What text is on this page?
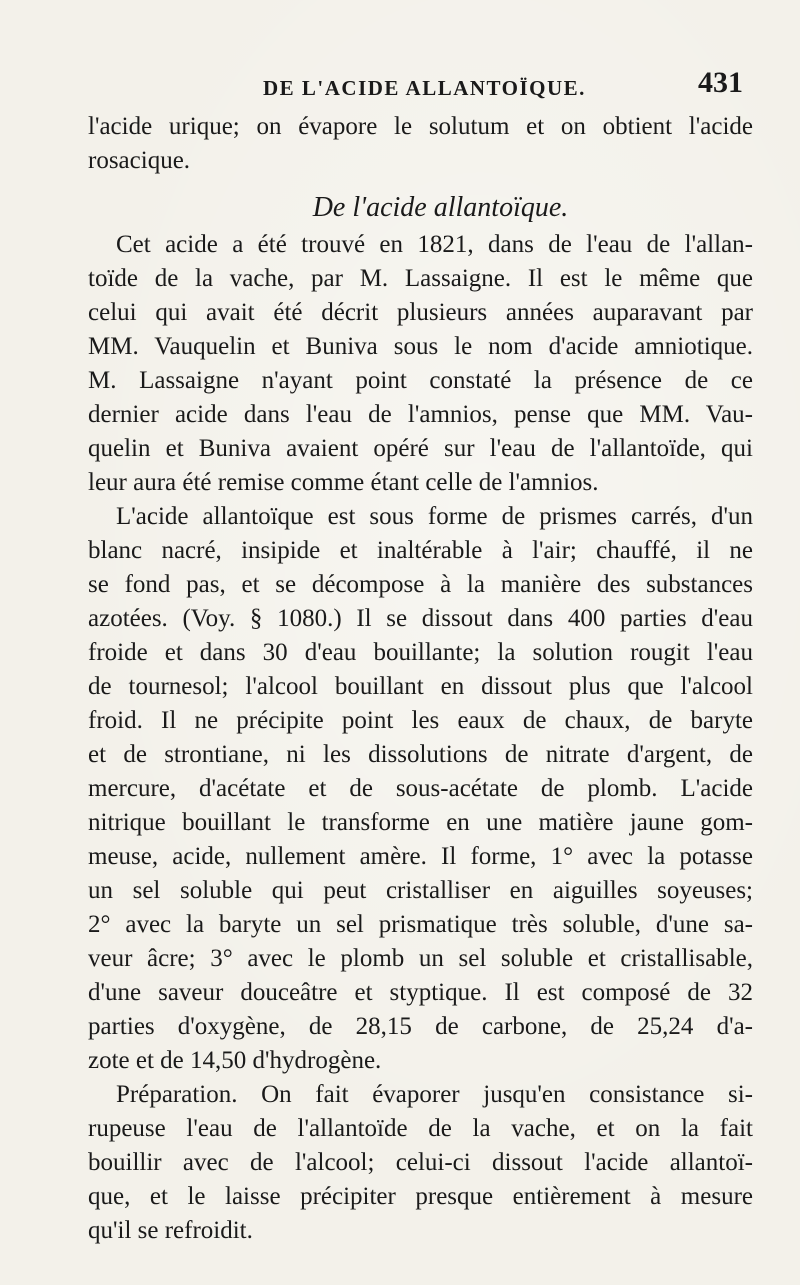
DE L'ACIDE ALLANTOÏQUE.	431
l'acide urique; on évapore le solutum et on obtient l'acide
rosacique.
De l'acide allantoïque.
Cet acide a été trouvé en 1821, dans de l'eau de l'allan-
toïde de la vache, par M. Lassaigne. Il est le même que
celui qui avait été décrit plusieurs années auparavant par
MM. Vauquelin et Buniva sous le nom d'acide amniotique.
M. Lassaigne n'ayant point constaté la présence de ce
dernier acide dans l'eau de l'amnios, pense que MM. Vau-
quelin et Buniva avaient opéré sur l'eau de l'allantoïde, qui
leur aura été remise comme étant celle de l'amnios.
L'acide allantoïque est sous forme de prismes carrés, d'un
blanc nacré, insipide et inaltérable à l'air; chauffé, il ne
se fond pas, et se décompose à la manière des substances
azotées. (Voy. § 1080.) Il se dissout dans 400 parties d'eau
froide et dans 30 d'eau bouillante; la solution rougit l'eau
de tournesol; l'alcool bouillant en dissout plus que l'alcool
froid. Il ne précipite point les eaux de chaux, de baryte
et de strontiane, ni les dissolutions de nitrate d'argent, de
mercure, d'acétate et de sous-acétate de plomb. L'acide
nitrique bouillant le transforme en une matière jaune gom-
meuse, acide, nullement amère. Il forme, 1° avec la potasse
un sel soluble qui peut cristalliser en aiguilles soyeuses;
2° avec la baryte un sel prismatique très soluble, d'une sa-
veur âcre; 3° avec le plomb un sel soluble et cristallisable,
d'une saveur douceâtre et styptique. Il est composé de 32
parties d'oxygène, de 28,15 de carbone, de 25,24 d'a-
zote et de 14,50 d'hydrogène.
Préparation. On fait évaporer jusqu'en consistance si-
rupeuse l'eau de l'allantoïde de la vache, et on la fait
bouillir avec de l'alcool; celui-ci dissout l'acide allantoï-
que, et le laisse précipiter presque entièrement à mesure
qu'il se refroidit.
